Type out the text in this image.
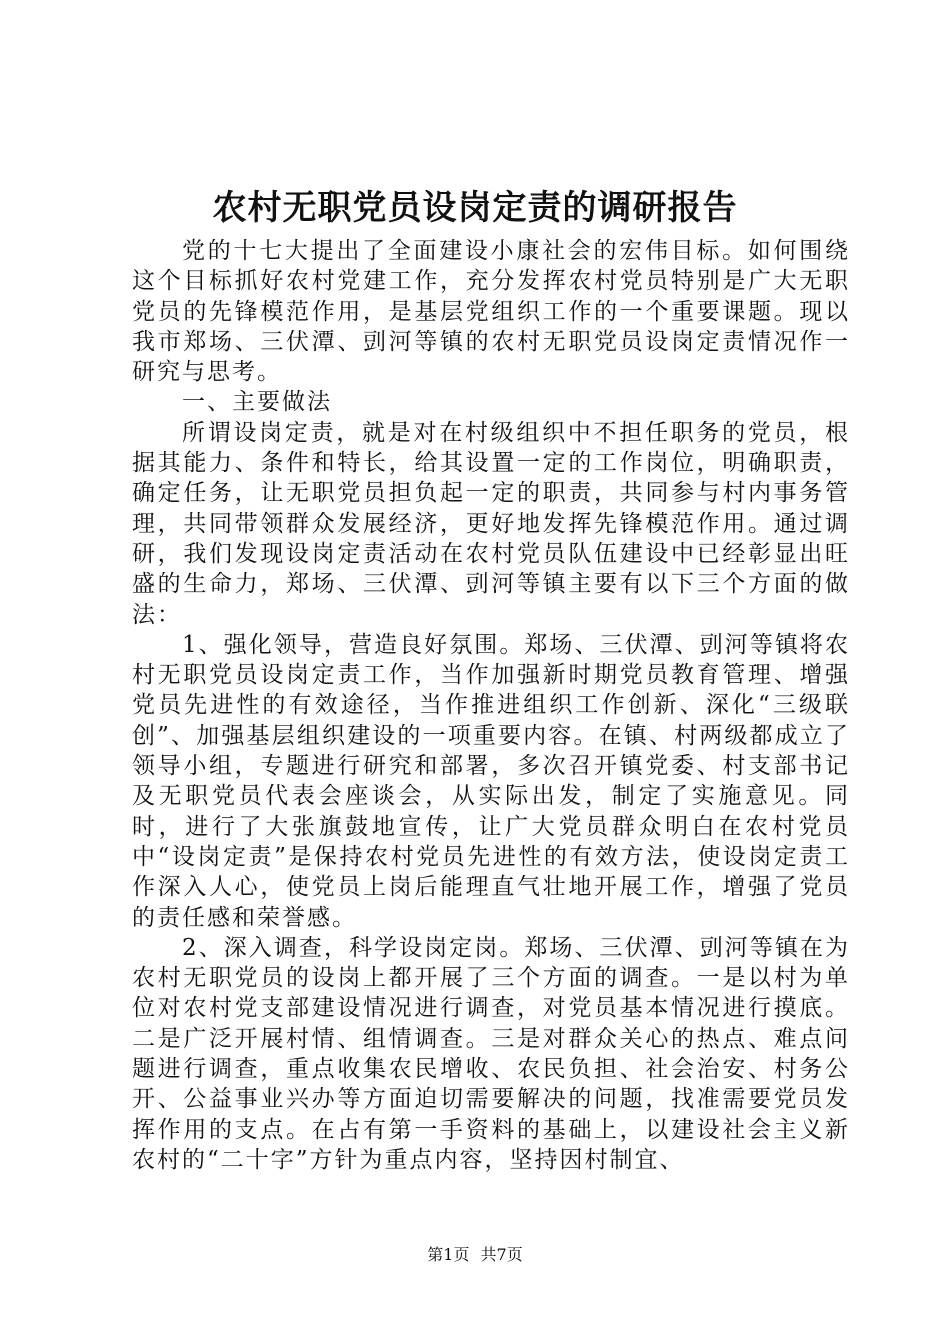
农村无职党员设岗定责的调研报告

党的十七大提出了全面建设小康社会的宏伟目标。如何围绕这个目标抓好农村党建工作，充分发挥农村党员特别是广大无职党员的先锋模范作用，是基层党组织工作的一个重要课题。现以我市郑场、三伏潭、剅河等镇的农村无职党员设岗定责情况作一研究与思考。

一、主要做法

所谓设岗定责，就是对在村级组织中不担任职务的党员，根据其能力、条件和特长，给其设置一定的工作岗位，明确职责，确定任务，让无职党员担负起一定的职责，共同参与村内事务管理，共同带领群众发展经济，更好地发挥先锋模范作用。通过调研，我们发现设岗定责活动在农村党员队伍建设中已经彰显出旺盛的生命力，郑场、三伏潭、剅河等镇主要有以下三个方面的做法：

1、强化领导，营造良好氛围。郑场、三伏潭、剅河等镇将农村无职党员设岗定责工作，当作加强新时期党员教育管理、增强党员先进性的有效途径，当作推进组织工作创新、深化“三级联创”、加强基层组织建设的一项重要内容。在镇、村两级都成立了领导小组，专题进行研究和部署，多次召开镇党委、村支部书记及无职党员代表会座谈会，从实际出发，制定了实施意见。同时，进行了大张旗鼓地宣传，让广大党员群众明白在农村党员中“设岗定责”是保持农村党员先进性的有效方法，使设岗定责工作深入人心，使党员上岗后能理直气壮地开展工作，增强了党员的责任感和荣誉感。

2、深入调查，科学设岗定岗。郑场、三伏潭、剅河等镇在为农村无职党员的设岗上都开展了三个方面的调查。一是以村为单位对农村党支部建设情况进行调查，对党员基本情况进行摸底。二是广泛开展村情、组情调查。三是对群众关心的热点、难点问题进行调查，重点收集农民增收、农民负担、社会治安、村务公开、公益事业兴办等方面迫切需要解决的问题，找准需要党员发挥作用的支点。在占有第一手资料的基础上，以建设社会主义新农村的“二十字”方针为重点内容，坚持因村制宜、

第1页 共7页
